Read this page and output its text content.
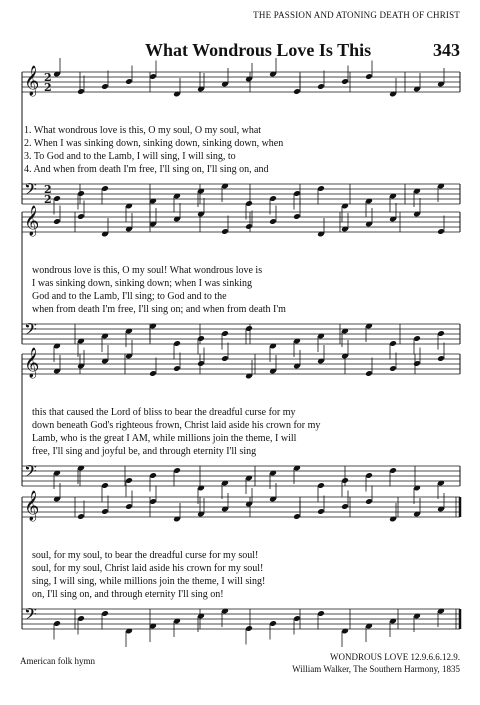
THE PASSION AND ATONING DEATH OF CHRIST
What Wondrous Love Is This	343
𝄞
𝄢
𝄞
𝄢
𝄞
𝄢
𝄞
𝄢
2
2
2
2
1. What wondrous love is this, O my soul, O my soul, what
2. When I was sinking down, sinking down, sinking down, when
3. To God and to the Lamb, I will sing, I will sing, to
4. And when from death I'm free, I'll sing on, I'll sing on, and
wondrous love is this, O my soul! What wondrous love is
I was sinking down, sinking down; when I was sinking
God and to the Lamb, I'll sing; to God and to the
when from death I'm free, I'll sing on; and when from death I'm
this that caused the Lord of bliss to bear the dreadful curse for my
down beneath God's righteous frown, Christ laid aside his crown for my
Lamb, who is the great I AM, while millions join the theme, I will
free, I'll sing and joyful be, and through eternity I'll sing
soul, for my soul, to bear the dreadful curse for my soul!
soul, for my soul, Christ laid aside his crown for my soul!
sing, I will sing, while millions join the theme, I will sing!
on, I'll sing on, and through eternity I'll sing on!
American folk hymn	WONDROUS LOVE 12.9.6.6.12.9.
William Walker, The Southern Harmony, 1835
